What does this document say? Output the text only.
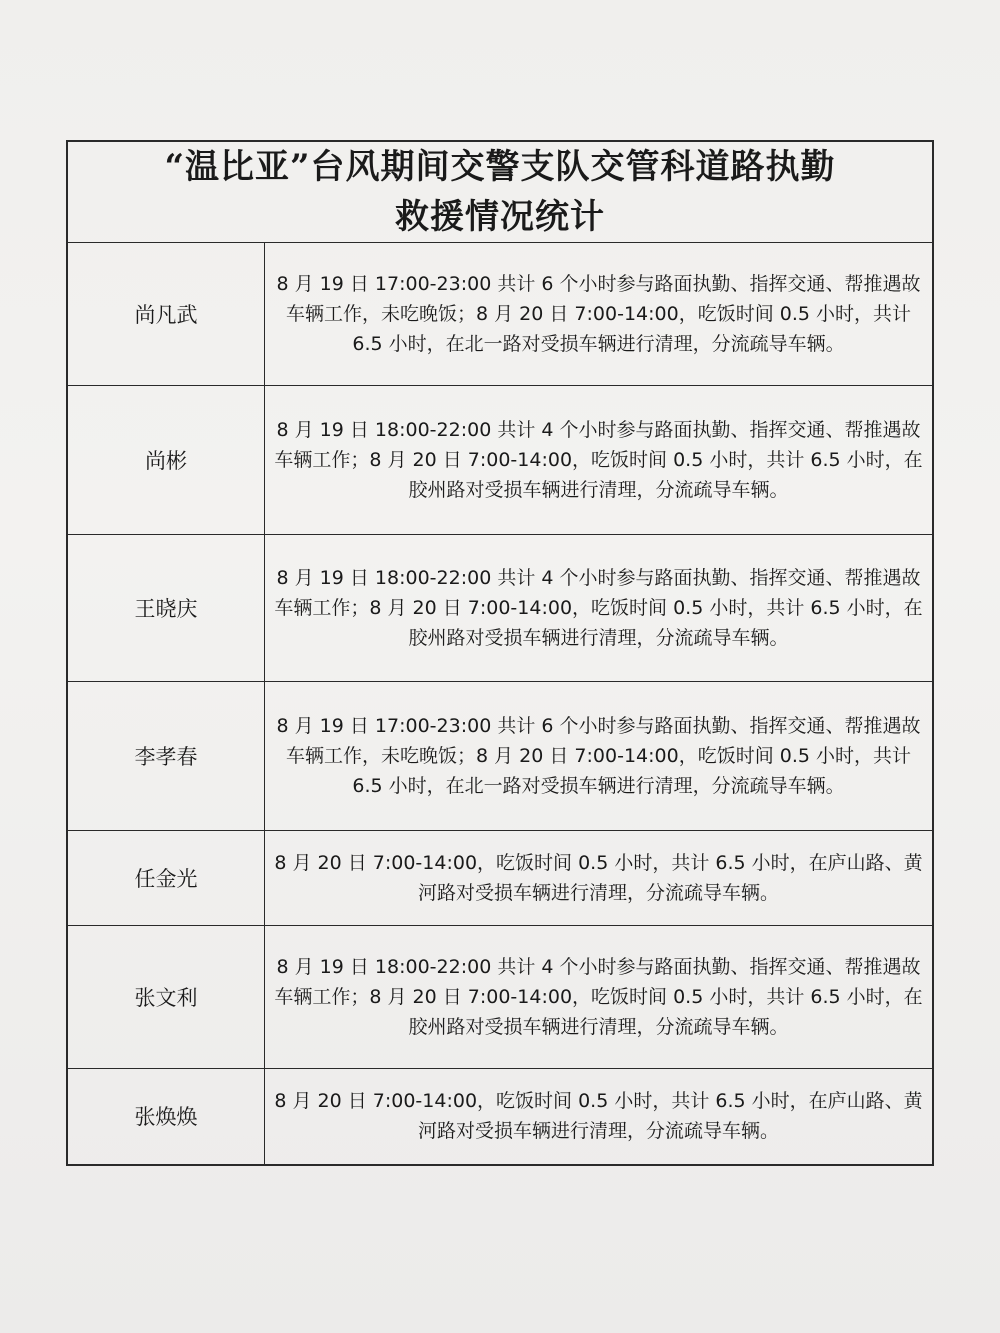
“温比亚”台风期间交警支队交管科道路执勤
救援情况统计	

尚凡武	8 月 19 日 17:00-23:00 共计 6 个小时参与路面执勤、指挥交通、帮推遇故车辆工作，未吃晚饭；8 月 20 日 7:00-14:00，吃饭时间 0.5 小时，共计 6.5 小时，在北一路对受损车辆进行清理，分流疏导车辆。
尚彬	8 月 19 日 18:00-22:00 共计 4 个小时参与路面执勤、指挥交通、帮推遇故车辆工作；8 月 20 日 7:00-14:00，吃饭时间 0.5 小时，共计 6.5 小时，在胶州路对受损车辆进行清理，分流疏导车辆。
王晓庆	8 月 19 日 18:00-22:00 共计 4 个小时参与路面执勤、指挥交通、帮推遇故车辆工作；8 月 20 日 7:00-14:00，吃饭时间 0.5 小时，共计 6.5 小时，在胶州路对受损车辆进行清理，分流疏导车辆。
李孝春	8 月 19 日 17:00-23:00 共计 6 个小时参与路面执勤、指挥交通、帮推遇故车辆工作，未吃晚饭；8 月 20 日 7:00-14:00，吃饭时间 0.5 小时，共计 6.5 小时，在北一路对受损车辆进行清理，分流疏导车辆。
任金光	8 月 20 日 7:00-14:00，吃饭时间 0.5 小时，共计 6.5 小时，在庐山路、黄河路对受损车辆进行清理，分流疏导车辆。
张文利	8 月 19 日 18:00-22:00 共计 4 个小时参与路面执勤、指挥交通、帮推遇故车辆工作；8 月 20 日 7:00-14:00，吃饭时间 0.5 小时，共计 6.5 小时，在胶州路对受损车辆进行清理，分流疏导车辆。
张焕焕	8 月 20 日 7:00-14:00，吃饭时间 0.5 小时，共计 6.5 小时，在庐山路、黄河路对受损车辆进行清理，分流疏导车辆。
